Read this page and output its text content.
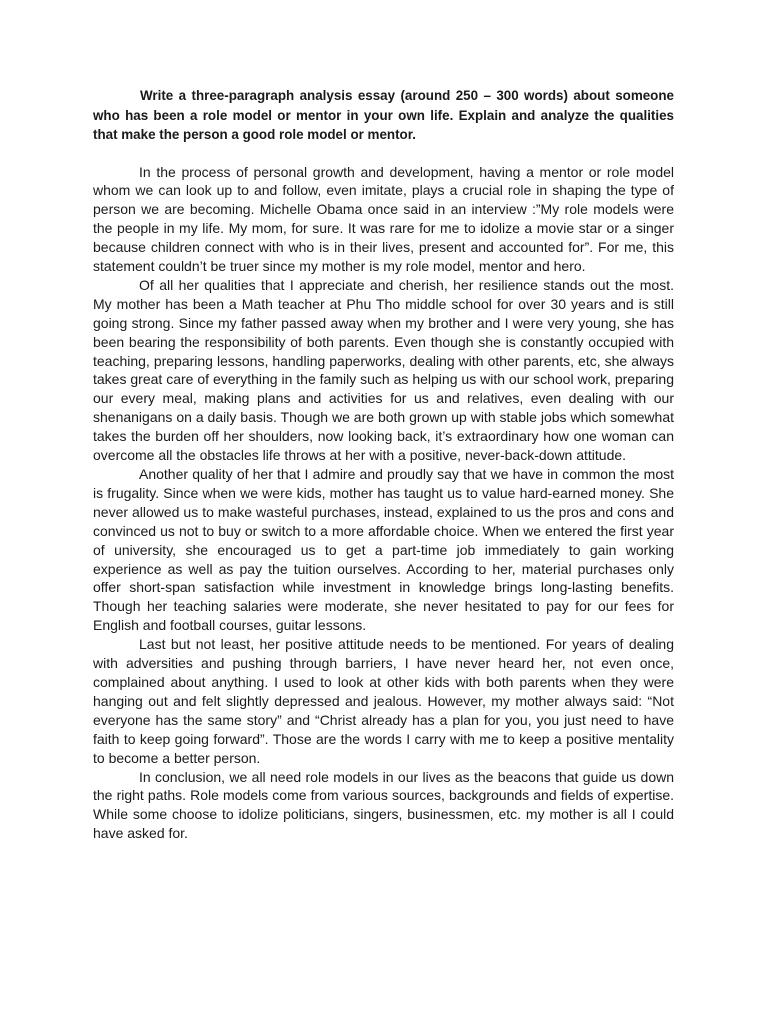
Write a three-paragraph analysis essay (around 250 – 300 words) about someone who has been a role model or mentor in your own life. Explain and analyze the qualities that make the person a good role model or mentor.

In the process of personal growth and development, having a mentor or role model whom we can look up to and follow, even imitate, plays a crucial role in shaping the type of person we are becoming. Michelle Obama once said in an interview :”My role models were the people in my life. My mom, for sure. It was rare for me to idolize a movie star or a singer because children connect with who is in their lives, present and accounted for”. For me, this statement couldn’t be truer since my mother is my role model, mentor and hero.

Of all her qualities that I appreciate and cherish, her resilience stands out the most. My mother has been a Math teacher at Phu Tho middle school for over 30 years and is still going strong. Since my father passed away when my brother and I were very young, she has been bearing the responsibility of both parents. Even though she is constantly occupied with teaching, preparing lessons, handling paperworks, dealing with other parents, etc, she always takes great care of everything in the family such as helping us with our school work, preparing our every meal, making plans and activities for us and relatives, even dealing with our shenanigans on a daily basis. Though we are both grown up with stable jobs which somewhat takes the burden off her shoulders, now looking back, it’s extraordinary how one woman can overcome all the obstacles life throws at her with a positive, never-back-down attitude.

Another quality of her that I admire and proudly say that we have in common the most is frugality. Since when we were kids, mother has taught us to value hard-earned money. She never allowed us to make wasteful purchases, instead, explained to us the pros and cons and convinced us not to buy or switch to a more affordable choice. When we entered the first year of university, she encouraged us to get a part-time job immediately to gain working experience as well as pay the tuition ourselves. According to her, material purchases only offer short-span satisfaction while investment in knowledge brings long-lasting benefits. Though her teaching salaries were moderate, she never hesitated to pay for our fees for English and football courses, guitar lessons.

Last but not least, her positive attitude needs to be mentioned. For years of dealing with adversities and pushing through barriers, I have never heard her, not even once, complained about anything. I used to look at other kids with both parents when they were hanging out and felt slightly depressed and jealous. However, my mother always said: “Not everyone has the same story” and “Christ already has a plan for you, you just need to have faith to keep going forward”. Those are the words I carry with me to keep a positive mentality to become a better person.

In conclusion, we all need role models in our lives as the beacons that guide us down the right paths. Role models come from various sources, backgrounds and fields of expertise. While some choose to idolize politicians, singers, businessmen, etc. my mother is all I could have asked for.
